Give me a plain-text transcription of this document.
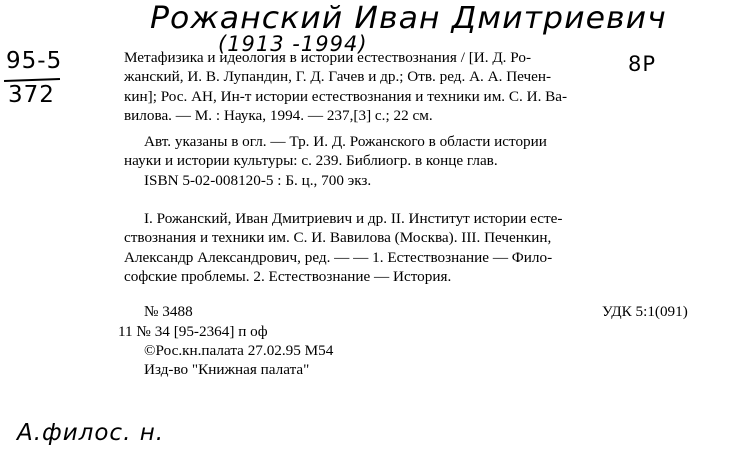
Рожанский Иван Дмитриевич
(1913 -1994)
95-5
372
8Р
Метафизика и идеология в истории естествознания / [И. Д. Ро-
жанский, И. В. Лупандин, Г. Д. Гачев и др.; Отв. ред. А. А. Печен-
кин]; Рос. АН, Ин-т истории естествознания и техники им. С. И. Ва-
вилова. — М. : Наука, 1994. — 237,[3] с.; 22 см.
Авт. указаны в огл. — Тр. И. Д. Рожанского в области истории
науки и истории культуры: с. 239. Библиогр. в конце глав.
ISBN 5-02-008120-5 : Б. ц., 700 экз.
I. Рожанский, Иван Дмитриевич и др. II. Институт истории есте-
ствознания и техники им. С. И. Вавилова (Москва). III. Печенкин,
Александр Александрович, ред. — — 1. Естествознание — Фило-
софские проблемы. 2. Естествознание — История.
№ 3488	УДК 5:1(091)
11 № 34 [95-2364] п оф
©Рос.кн.палата 27.02.95 М54
Изд-во "Книжная палата"
А.филос. н.
